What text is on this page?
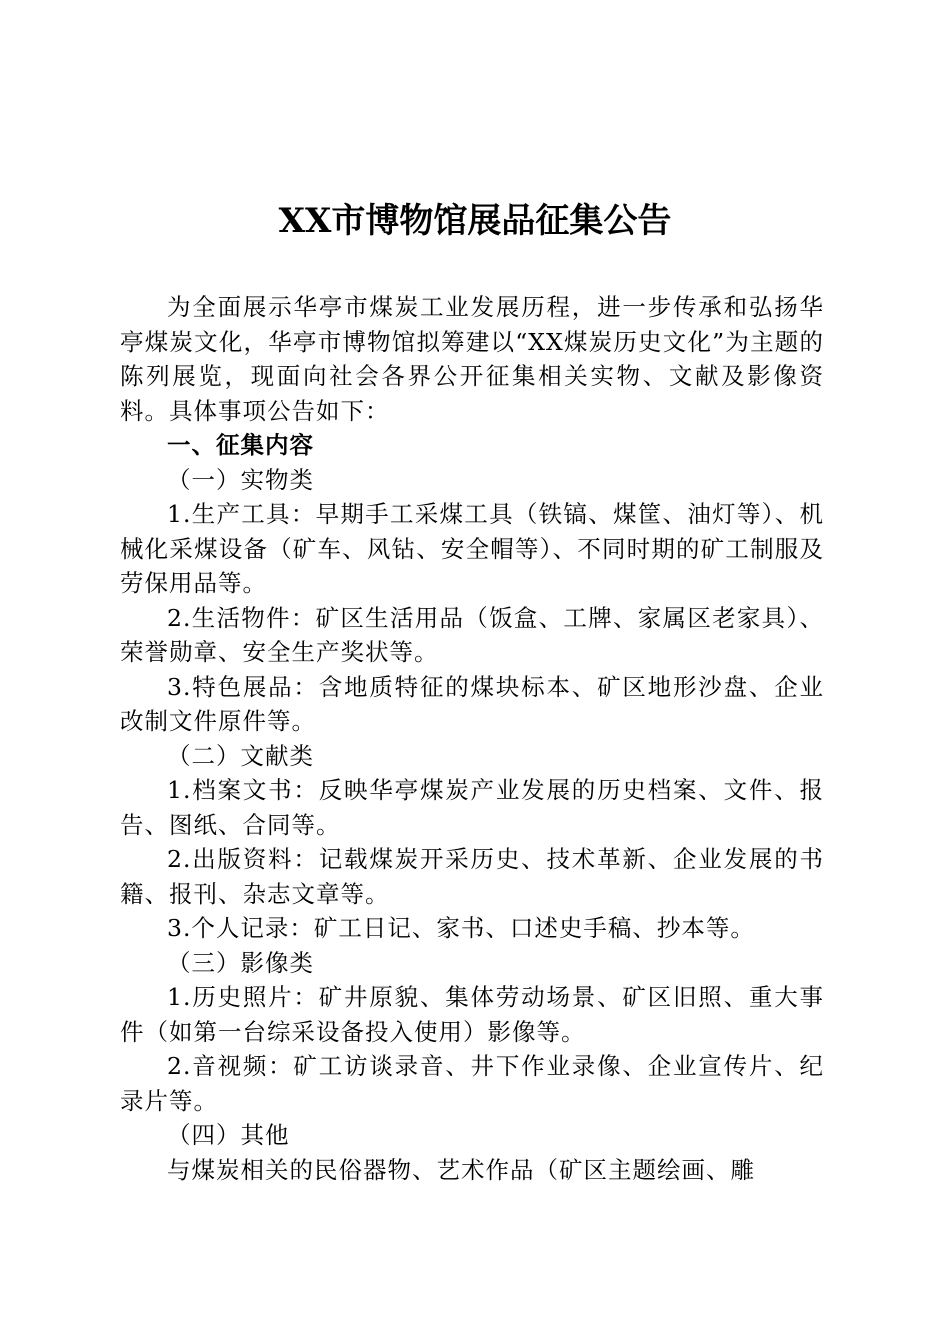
XX市博物馆展品征集公告

为全面展示华亭市煤炭工业发展历程，进一步传承和弘扬华亭煤炭文化，华亭市博物馆拟筹建以“XX煤炭历史文化”为主题的陈列展览，现面向社会各界公开征集相关实物、文献及影像资料。具体事项公告如下：

一、征集内容

（一）实物类

1.生产工具：早期手工采煤工具（铁镐、煤筐、油灯等）、机械化采煤设备（矿车、风钻、安全帽等）、不同时期的矿工制服及劳保用品等。

2.生活物件：矿区生活用品（饭盒、工牌、家属区老家具）、荣誉勋章、安全生产奖状等。

3.特色展品：含地质特征的煤块标本、矿区地形沙盘、企业改制文件原件等。

（二）文献类

1.档案文书：反映华亭煤炭产业发展的历史档案、文件、报告、图纸、合同等。

2.出版资料：记载煤炭开采历史、技术革新、企业发展的书籍、报刊、杂志文章等。

3.个人记录：矿工日记、家书、口述史手稿、抄本等。

（三）影像类

1.历史照片：矿井原貌、集体劳动场景、矿区旧照、重大事件（如第一台综采设备投入使用）影像等。

2.音视频：矿工访谈录音、井下作业录像、企业宣传片、纪录片等。

（四）其他

与煤炭相关的民俗器物、艺术作品（矿区主题绘画、雕
